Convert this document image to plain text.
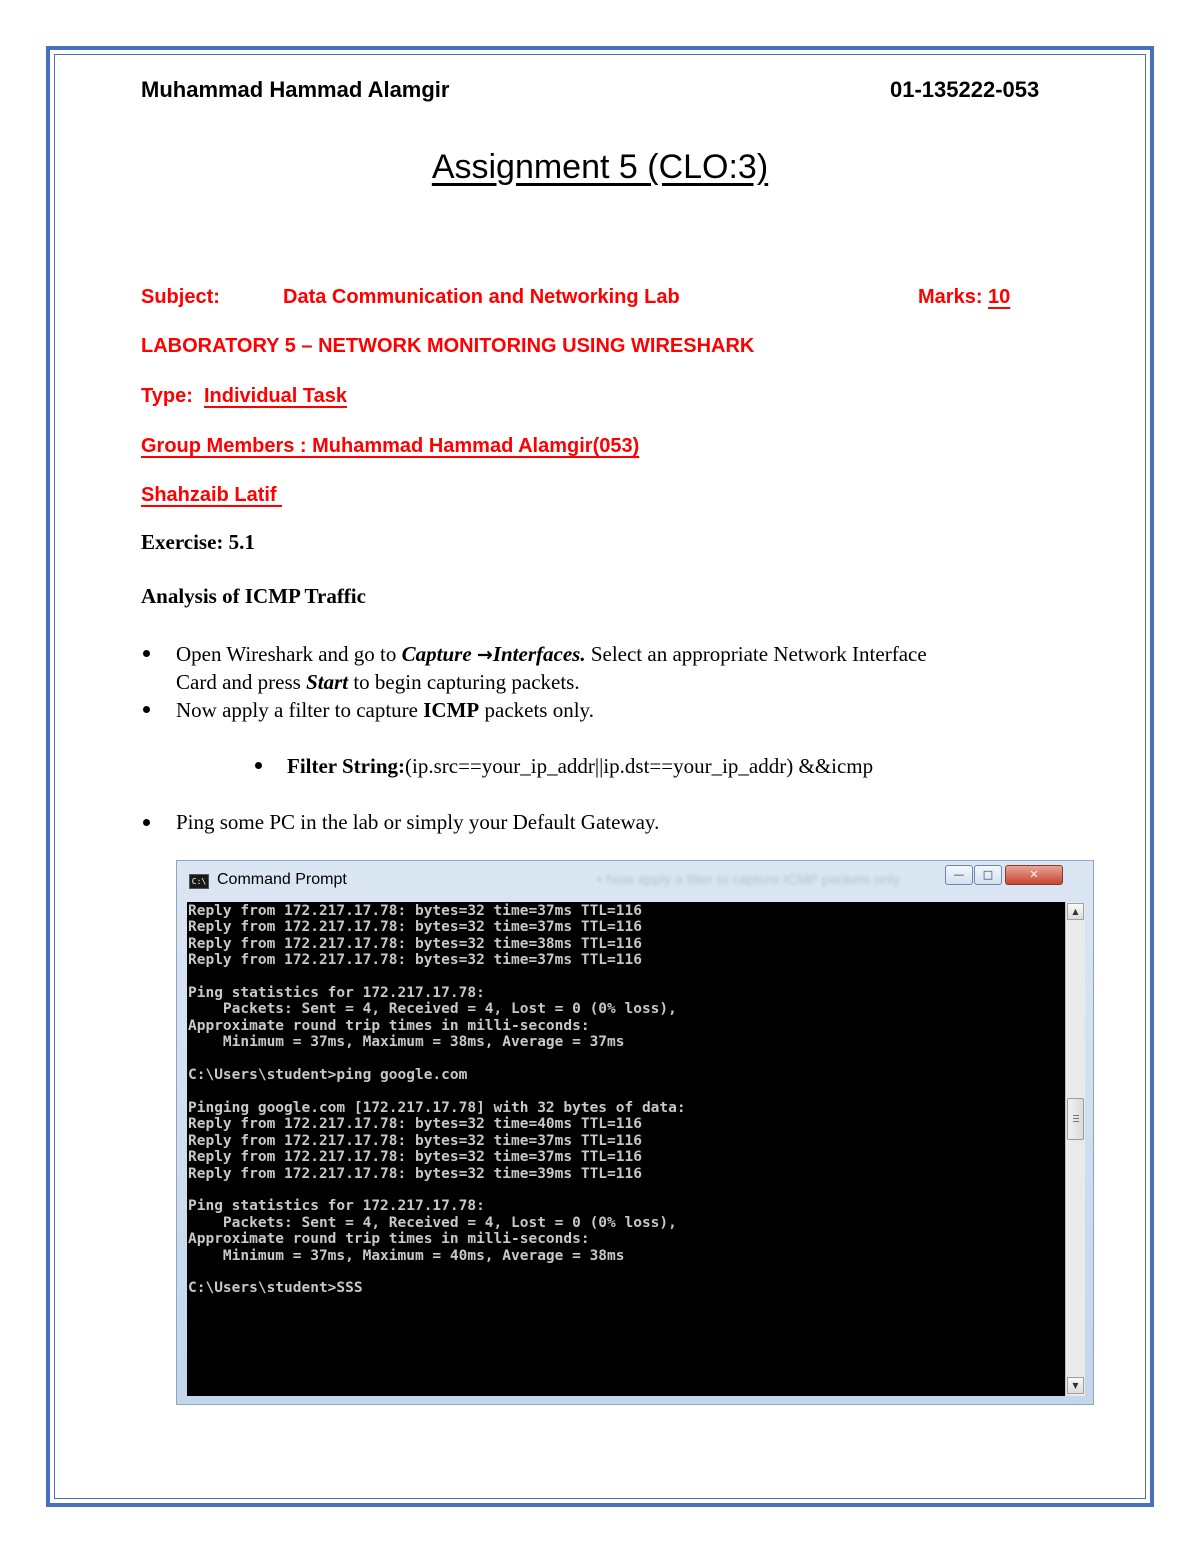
Muhammad Hammad Alamgir	01-135222-053
Assignment 5 (CLO:3)
Subject:	Data Communication and Networking Lab	Marks: 10
LABORATORY 5 – NETWORK MONITORING USING WIRESHARK
Type: Individual Task
Group Members : Muhammad Hammad Alamgir(053)
Shahzaib Latif
Exercise: 5.1
Analysis of ICMP Traffic
Open Wireshark and go to Capture →Interfaces. Select an appropriate Network Interface
Card and press Start to begin capturing packets.
Now apply a filter to capture ICMP packets only.
Filter String:(ip.src==your_ip_addr||ip.dst==your_ip_addr) &&icmp
Ping some PC in the lab or simply your Default Gateway.
C:\ Command Prompt	• Now apply a filter to capture ICMP packets only.	—	□	✕
Reply from 172.217.17.78: bytes=32 time=37ms TTL=116
Reply from 172.217.17.78: bytes=32 time=37ms TTL=116
Reply from 172.217.17.78: bytes=32 time=38ms TTL=116
Reply from 172.217.17.78: bytes=32 time=37ms TTL=116

Ping statistics for 172.217.17.78:
Packets: Sent = 4, Received = 4, Lost = 0 (0% loss),
Approximate round trip times in milli-seconds:
Minimum = 37ms, Maximum = 38ms, Average = 37ms

C:\Users\student>ping google.com

Pinging google.com [172.217.17.78] with 32 bytes of data:
Reply from 172.217.17.78: bytes=32 time=40ms TTL=116
Reply from 172.217.17.78: bytes=32 time=37ms TTL=116
Reply from 172.217.17.78: bytes=32 time=37ms TTL=116
Reply from 172.217.17.78: bytes=32 time=39ms TTL=116

Ping statistics for 172.217.17.78:
Packets: Sent = 4, Received = 4, Lost = 0 (0% loss),
Approximate round trip times in milli-seconds:
Minimum = 37ms, Maximum = 40ms, Average = 38ms

C:\Users\student>SSS
▲
▼
